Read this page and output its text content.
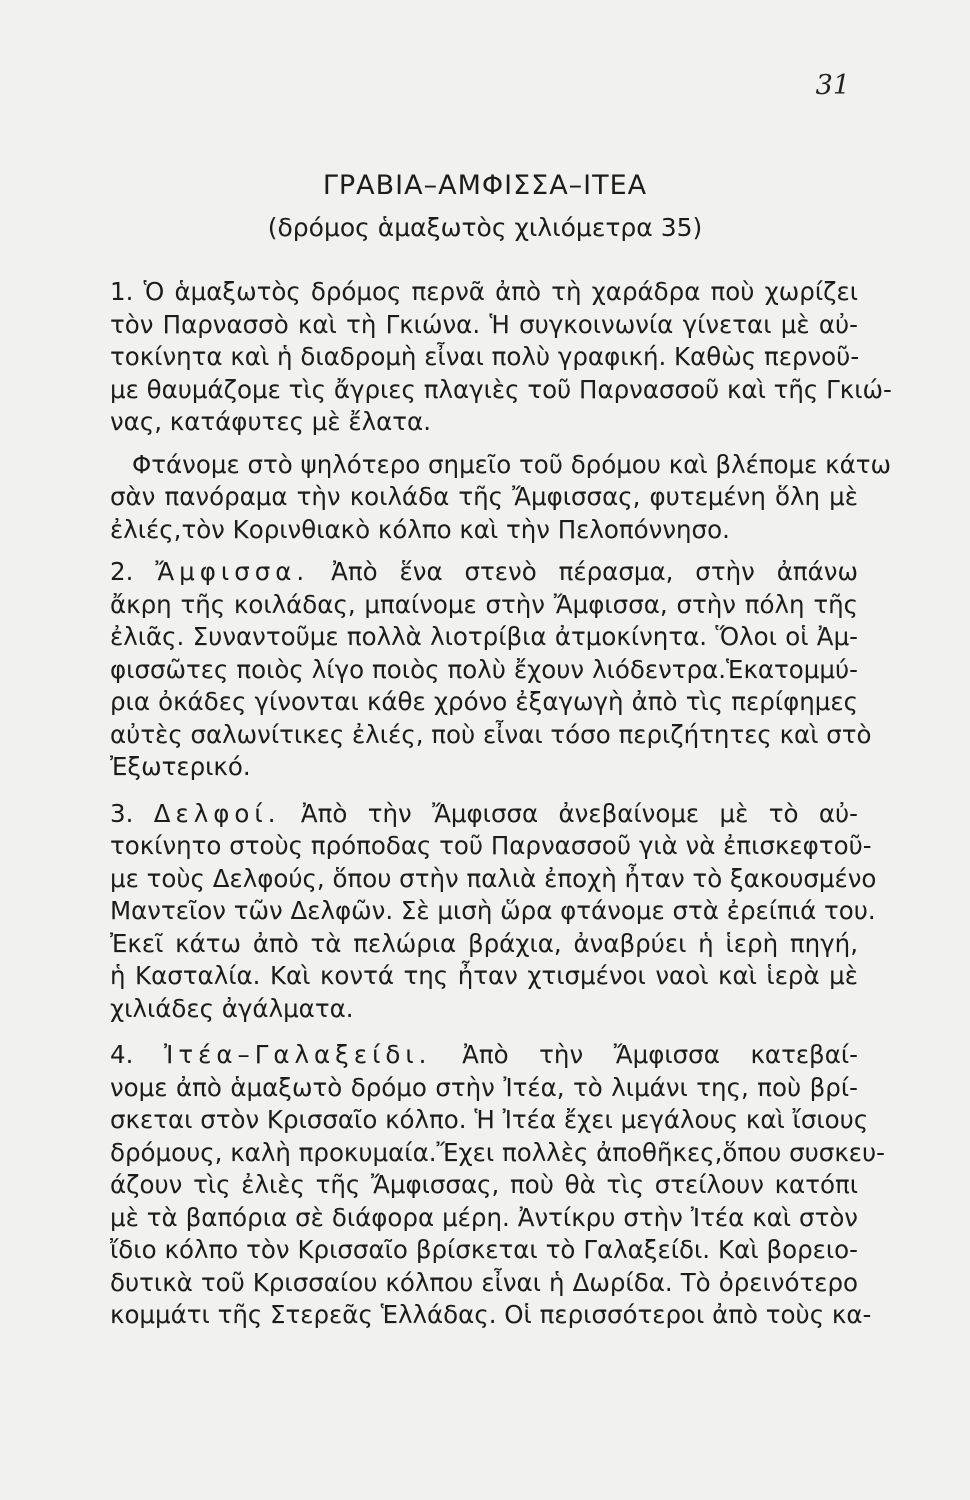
31
ΓΡΑΒΙΑ–ΑΜΦΙΣΣΑ–ΙΤΕΑ
(δρόμος ἁμαξωτὸς χιλιόμετρα 35)
1. Ὁ ἁμαξωτὸς δρόμος περνᾶ ἀπὸ τὴ χαράδρα ποὺ χωρίζει
τὸν Παρνασσὸ καὶ τὴ Γκιώνα. Ἡ συγκοινωνία γίνεται μὲ αὐ-
τοκίνητα καὶ ἡ διαδρομὴ εἶναι πολὺ γραφική. Καθὼς περνοῦ-
με θαυμάζομε τὶς ἄγριες πλαγιὲς τοῦ Παρνασσοῦ καὶ τῆς Γκιώ-
νας, κατάφυτες μὲ ἔλατα.
Φτάνομε στὸ ψηλότερο σημεῖο τοῦ δρόμου καὶ βλέπομε κάτω
σὰν πανόραμα τὴν κοιλάδα τῆς Ἄμφισσας, φυτεμένη ὅλη μὲ
ἐλιές,τὸν Κορινθιακὸ κόλπο καὶ τὴν Πελοπόννησο.
2. Ἄμφισσα. Ἀπὸ ἕνα στενὸ πέρασμα, στὴν ἀπάνω
ἄκρη τῆς κοιλάδας, μπαίνομε στὴν Ἄμφισσα, στὴν πόλη τῆς
ἐλιᾶς. Συναντοῦμε πολλὰ λιοτρίβια ἀτμοκίνητα. Ὅλοι οἱ Ἀμ-
φισσῶτες ποιὸς λίγο ποιὸς πολὺ ἔχουν λιόδεντρα.Ἑκατομμύ-
ρια ὀκάδες γίνονται κάθε χρόνο ἐξαγωγὴ ἀπὸ τὶς περίφημες
αὐτὲς σαλωνίτικες ἐλιές, ποὺ εἶναι τόσο περιζήτητες καὶ στὸ
Ἐξωτερικό.
3. Δελφοί. Ἀπὸ τὴν Ἄμφισσα ἀνεβαίνομε μὲ τὸ αὐ-
τοκίνητο στοὺς πρόποδας τοῦ Παρνασσοῦ γιὰ νὰ ἐπισκεφτοῦ-
με τοὺς Δελφούς, ὅπου στὴν παλιὰ ἐποχὴ ἦταν τὸ ξακουσμένο
Μαντεῖον τῶν Δελφῶν. Σὲ μισὴ ὥρα φτάνομε στὰ ἐρείπιά του.
Ἐκεῖ κάτω ἀπὸ τὰ πελώρια βράχια, ἀναβρύει ἡ ἱερὴ πηγή,
ἡ Κασταλία. Καὶ κοντά της ἦταν χτισμένοι ναοὶ καὶ ἱερὰ μὲ
χιλιάδες ἀγάλματα.
4. Ἰτέα–Γαλαξείδι. Ἀπὸ τὴν Ἄμφισσα κατεβαί-
νομε ἀπὸ ἁμαξωτὸ δρόμο στὴν Ἰτέα, τὸ λιμάνι της, ποὺ βρί-
σκεται στὸν Κρισσαῖο κόλπο. Ἡ Ἰτέα ἔχει μεγάλους καὶ ἴσιους
δρόμους, καλὴ προκυμαία.Ἔχει πολλὲς ἀποθῆκες,ὅπου συσκευ-
άζουν τὶς ἐλιὲς τῆς Ἄμφισσας, ποὺ θὰ τὶς στείλουν κατόπι
μὲ τὰ βαπόρια σὲ διάφορα μέρη. Ἀντίκρυ στὴν Ἰτέα καὶ στὸν
ἴδιο κόλπο τὸν Κρισσαῖο βρίσκεται τὸ Γαλαξείδι. Καὶ βορειο-
δυτικὰ τοῦ Κρισσαίου κόλπου εἶναι ἡ Δωρίδα. Τὸ ὀρεινότερο
κομμάτι τῆς Στερεᾶς Ἑλλάδας. Οἱ περισσότεροι ἀπὸ τοὺς κα-
